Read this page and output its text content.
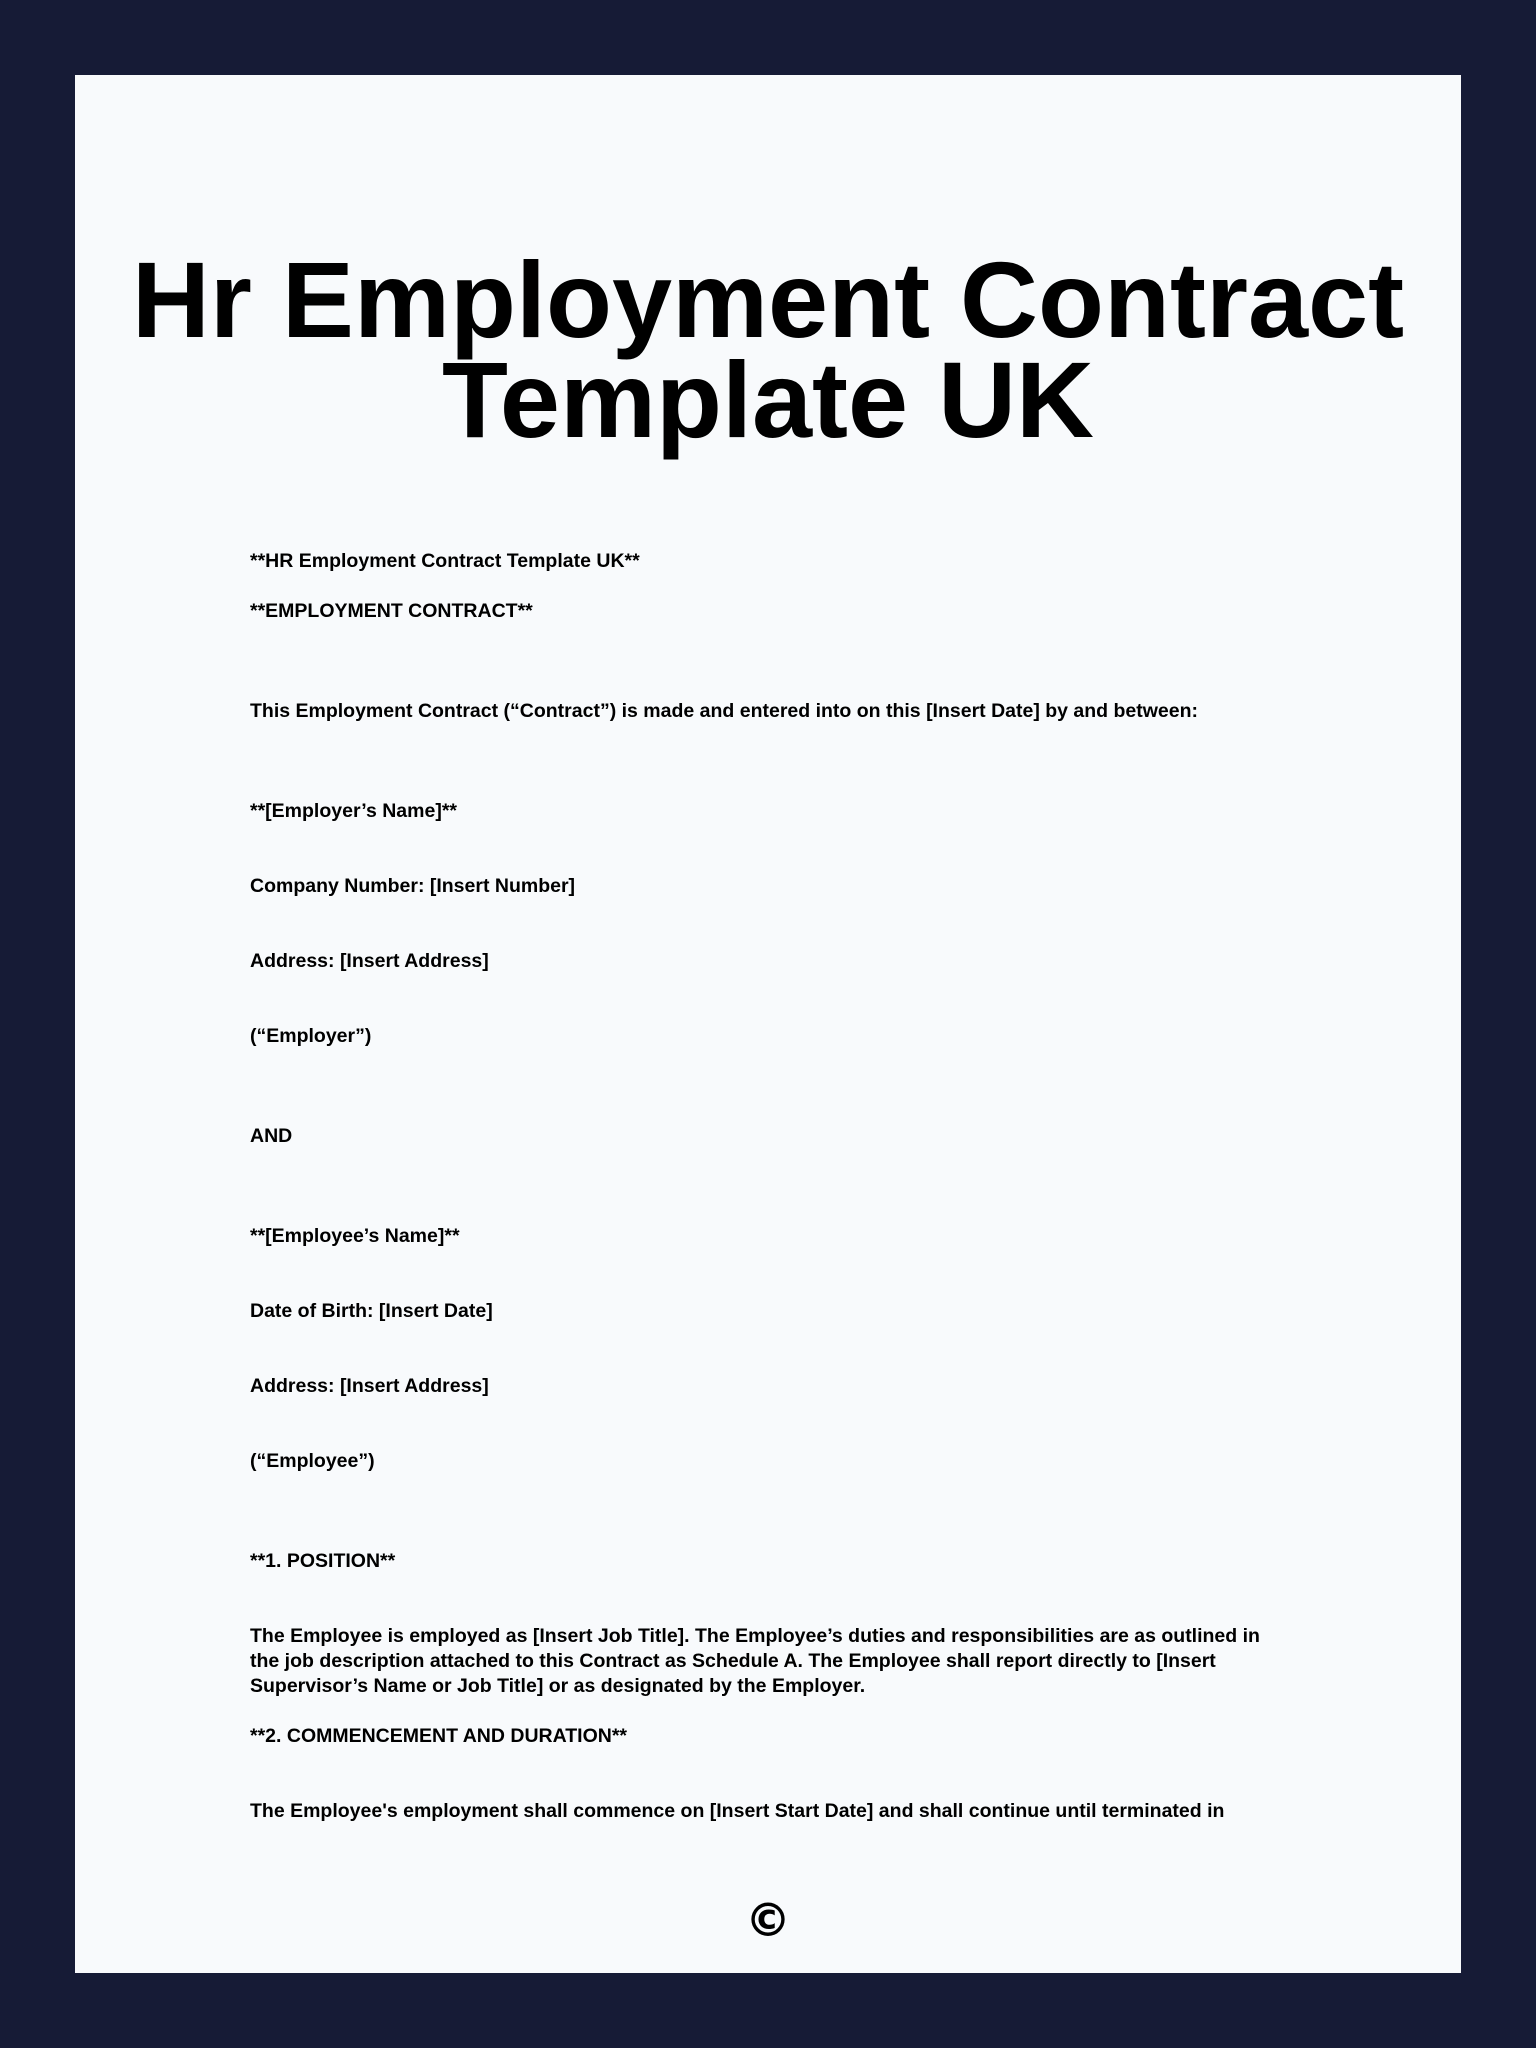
Hr Employment Contract
Template UK

**HR Employment Contract Template UK**

**EMPLOYMENT CONTRACT**

This Employment Contract (“Contract”) is made and entered into on this [Insert Date] by and between:

**[Employer’s Name]**

Company Number: [Insert Number]

Address: [Insert Address]

(“Employer”)

AND

**[Employee’s Name]**

Date of Birth: [Insert Date]

Address: [Insert Address]

(“Employee”)

**1. POSITION**

The Employee is employed as [Insert Job Title]. The Employee’s duties and responsibilities are as outlined in the job description attached to this Contract as Schedule A. The Employee shall report directly to [Insert Supervisor’s Name or Job Title] or as designated by the Employer.

**2. COMMENCEMENT AND DURATION**

The Employee's employment shall commence on [Insert Start Date] and shall continue until terminated in

©
